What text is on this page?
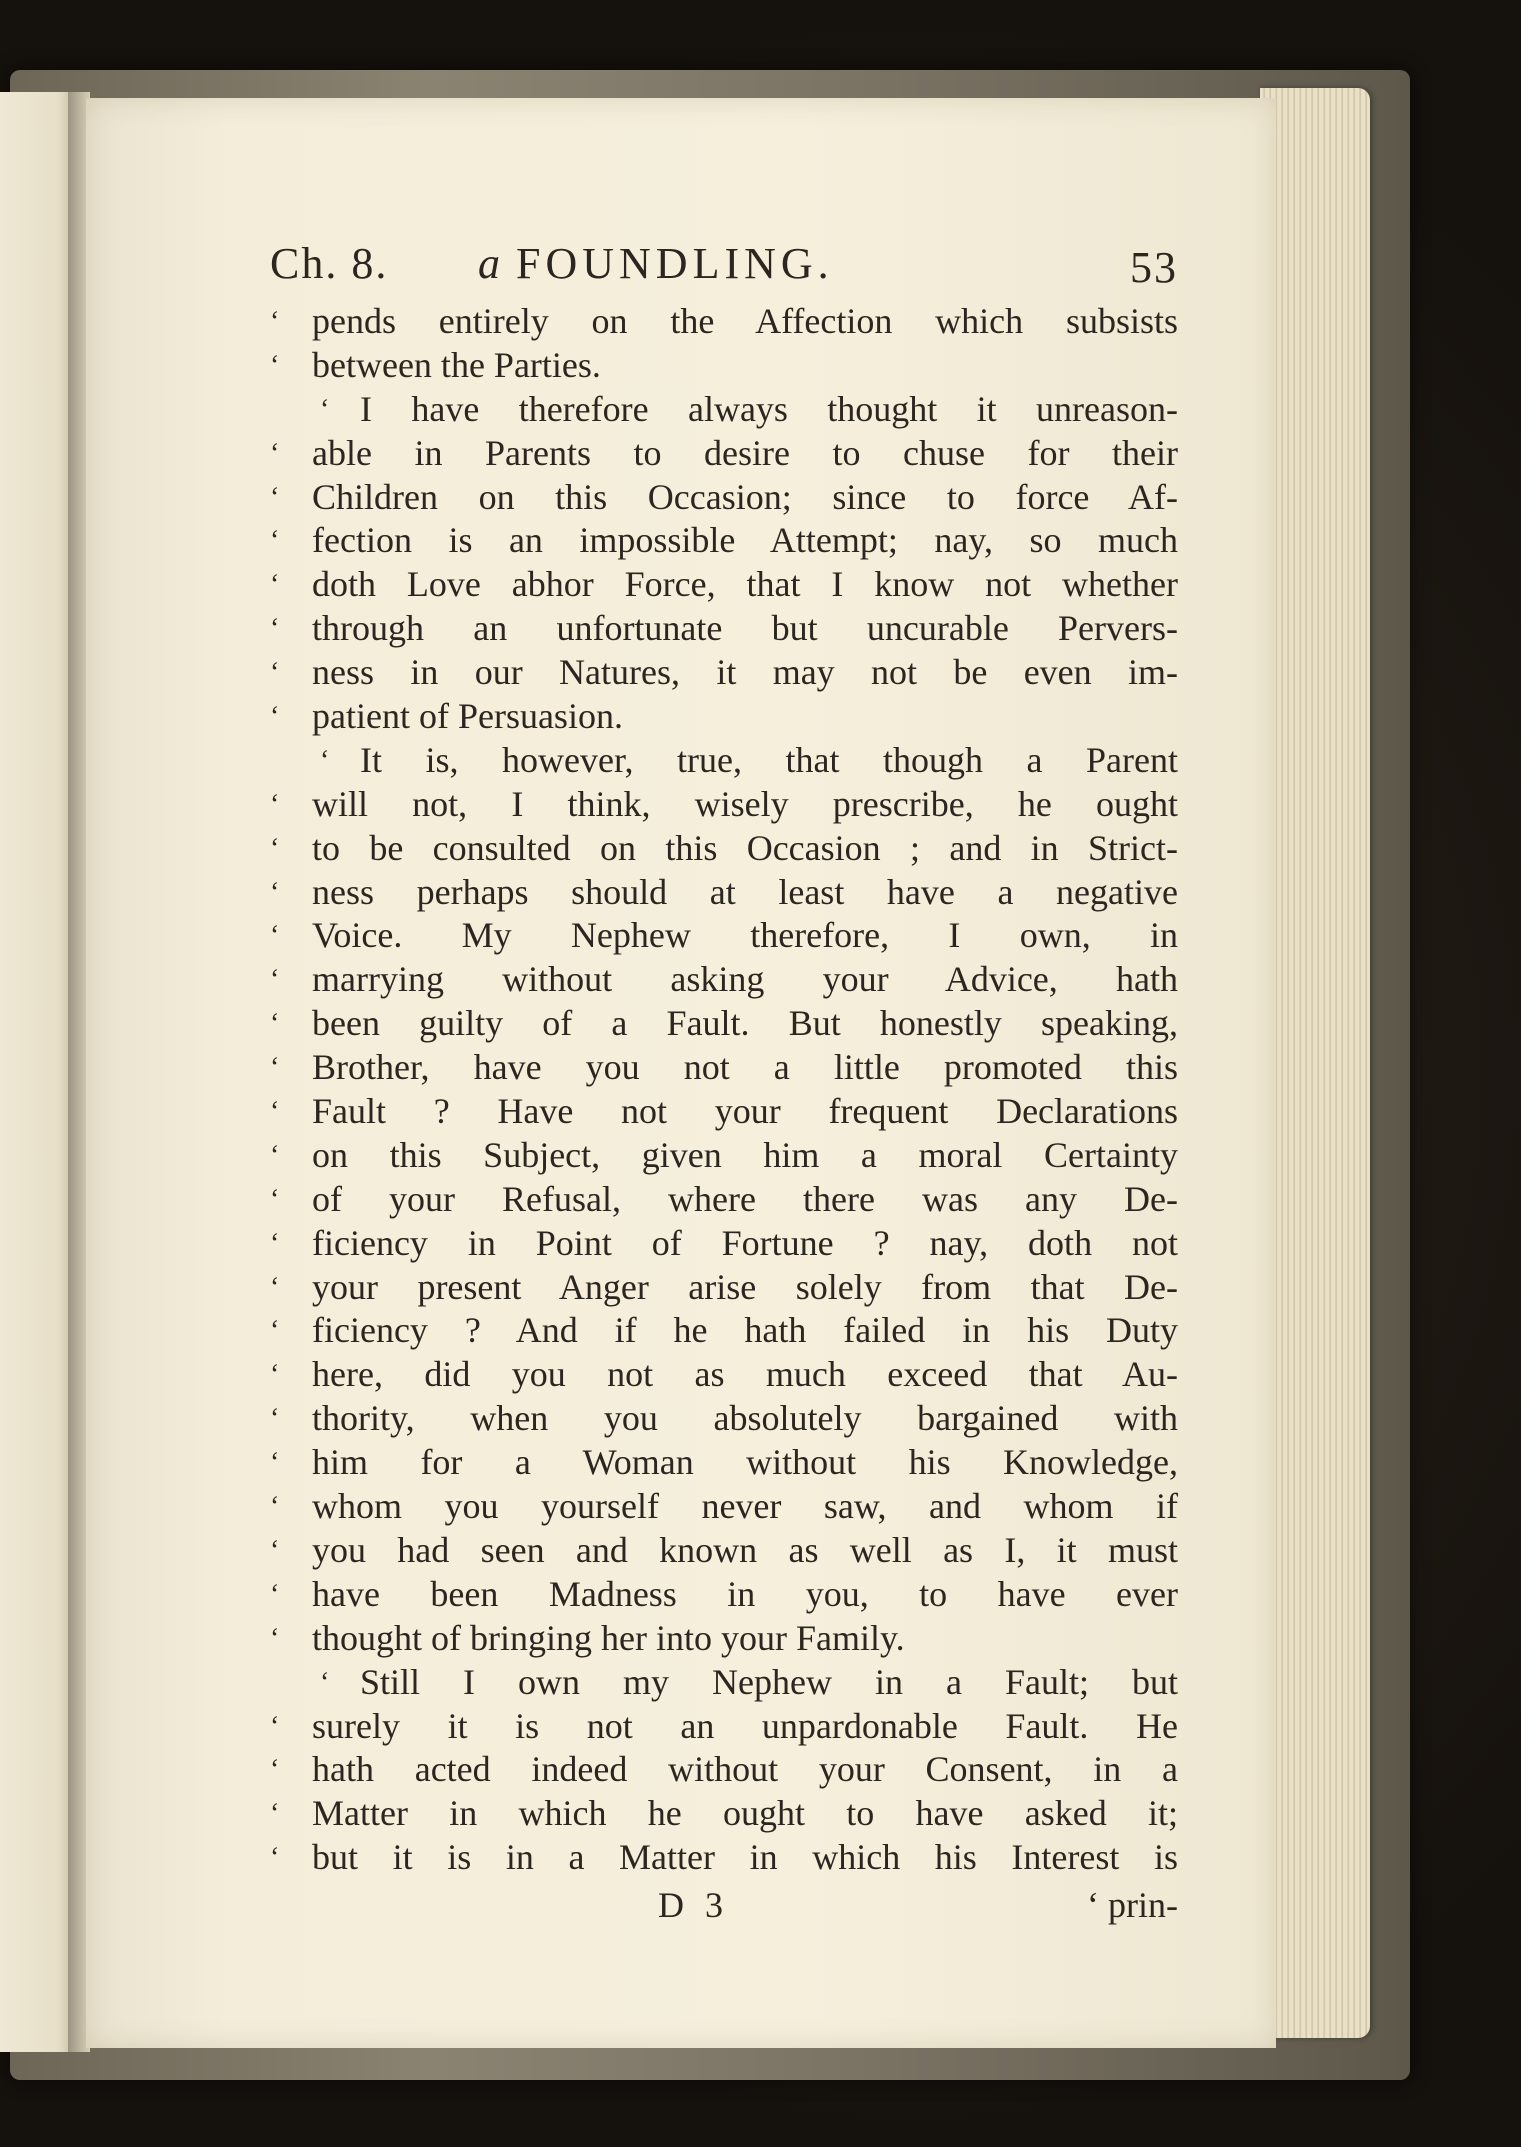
Ch. 8. a FOUNDLING.	53
‘ pends entirely on the Affection which subsists
‘ between the Parties.
‘ I have therefore always thought it unreason-
‘ able in Parents to desire to chuse for their
‘ Children on this Occasion; since to force Af-
‘ fection is an impossible Attempt; nay, so much
‘ doth Love abhor Force, that I know not whether
‘ through an unfortunate but uncurable Pervers-
‘ ness in our Natures, it may not be even im-
‘ patient of Persuasion.
‘ It is, however, true, that though a Parent
‘ will not, I think, wisely prescribe, he ought
‘ to be consulted on this Occasion ; and in Strict-
‘ ness perhaps should at least have a negative
‘ Voice. My Nephew therefore, I own, in
‘ marrying without asking your Advice, hath
‘ been guilty of a Fault. But honestly speaking,
‘ Brother, have you not a little promoted this
‘ Fault ? Have not your frequent Declarations
‘ on this Subject, given him a moral Certainty
‘ of your Refusal, where there was any De-
‘ ficiency in Point of Fortune ? nay, doth not
‘ your present Anger arise solely from that De-
‘ ficiency ? And if he hath failed in his Duty
‘ here, did you not as much exceed that Au-
‘ thority, when you absolutely bargained with
‘ him for a Woman without his Knowledge,
‘ whom you yourself never saw, and whom if
‘ you had seen and known as well as I, it must
‘ have been Madness in you, to have ever
‘ thought of bringing her into your Family.
‘ Still I own my Nephew in a Fault; but
‘ surely it is not an unpardonable Fault. He
‘ hath acted indeed without your Consent, in a
‘ Matter in which he ought to have asked it;
‘ but it is in a Matter in which his Interest is
D 3	‘ prin-
